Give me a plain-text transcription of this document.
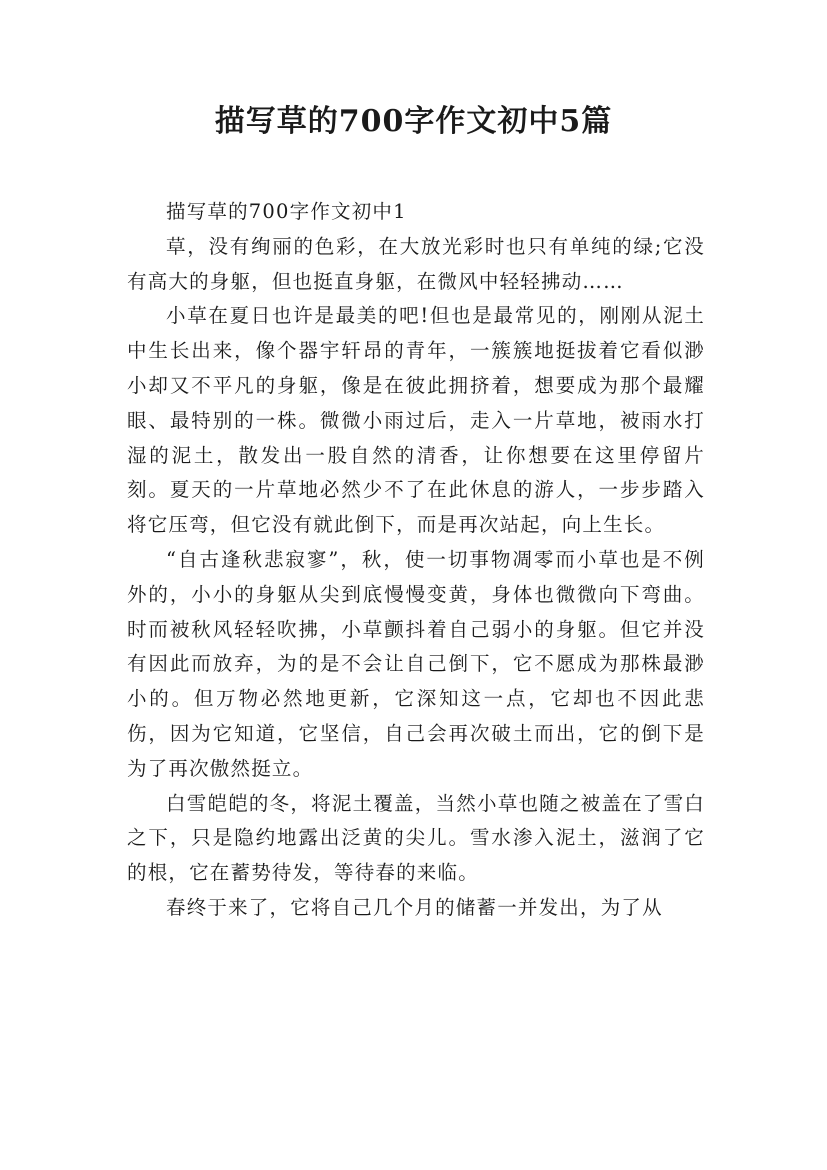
描写草的700字作文初中5篇

描写草的700字作文初中1

草，没有绚丽的色彩，在大放光彩时也只有单纯的绿;它没有高大的身躯，但也挺直身躯，在微风中轻轻拂动……

小草在夏日也许是最美的吧!但也是最常见的，刚刚从泥土中生长出来，像个器宇轩昂的青年，一簇簇地挺拔着它看似渺小却又不平凡的身躯，像是在彼此拥挤着，想要成为那个最耀眼、最特别的一株。微微小雨过后，走入一片草地，被雨水打湿的泥土，散发出一股自然的清香，让你想要在这里停留片刻。夏天的一片草地必然少不了在此休息的游人，一步步踏入将它压弯，但它没有就此倒下，而是再次站起，向上生长。

“自古逢秋悲寂寥”，秋，使一切事物凋零而小草也是不例外的，小小的身躯从尖到底慢慢变黄，身体也微微向下弯曲。时而被秋风轻轻吹拂，小草颤抖着自己弱小的身躯。但它并没有因此而放弃，为的是不会让自己倒下，它不愿成为那株最渺小的。但万物必然地更新，它深知这一点，它却也不因此悲伤，因为它知道，它坚信，自己会再次破土而出，它的倒下是为了再次傲然挺立。

白雪皑皑的冬，将泥土覆盖，当然小草也随之被盖在了雪白之下，只是隐约地露出泛黄的尖儿。雪水渗入泥土，滋润了它的根，它在蓄势待发，等待春的来临。

春终于来了，它将自己几个月的储蓄一并发出，为了从
